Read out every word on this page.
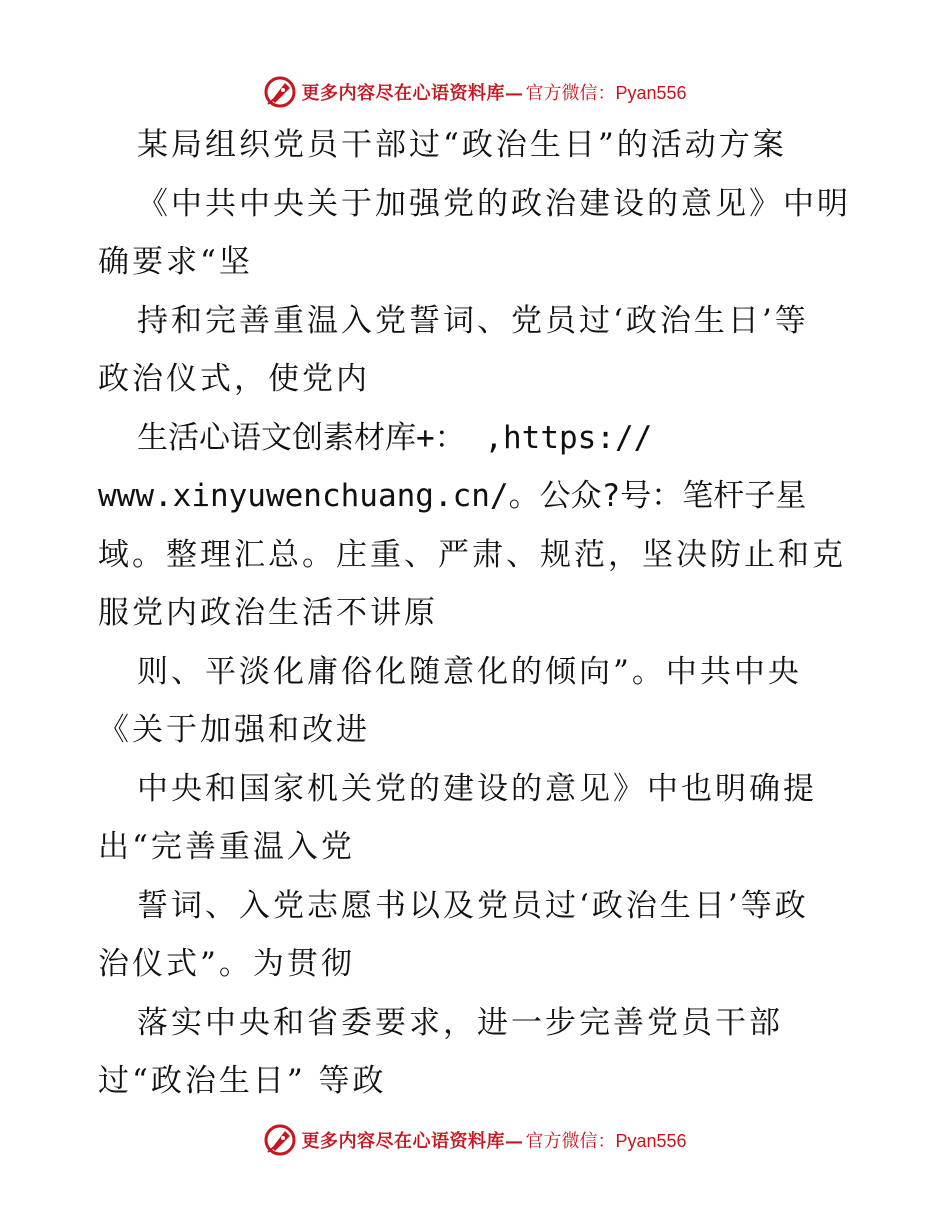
更多内容尽在心语资料库— 官方微信：Pyan556
某局组织党员干部过“政治生日”的活动方案
《中共中央关于加强党的政治建设的意见》中明
确要求“坚
持和完善重温入党誓词、党员过‘政治生日’等
政治仪式，使党内
生活心语文创素材库+： ,https://
www.xinyuwenchuang.cn/。公众?号：笔杆子星
域。整理汇总。庄重、严肃、规范，坚决防止和克
服党内政治生活不讲原
则、平淡化庸俗化随意化的倾向”。中共中央
《关于加强和改进
中央和国家机关党的建设的意见》中也明确提
出“完善重温入党
誓词、入党志愿书以及党员过‘政治生日’等政
治仪式”。为贯彻
落实中央和省委要求，进一步完善党员干部
过“政治生日” 等政
更多内容尽在心语资料库— 官方微信：Pyan556
